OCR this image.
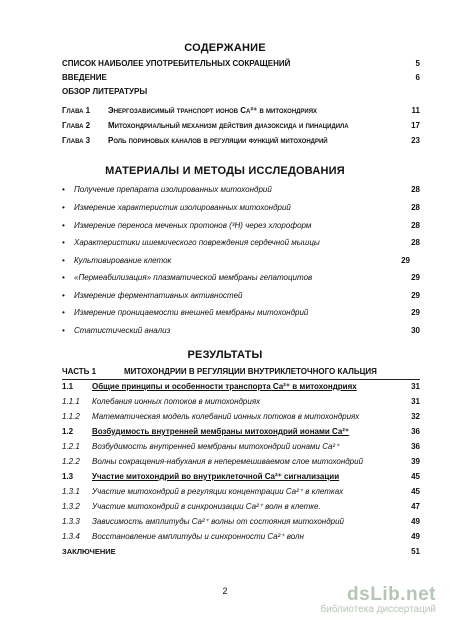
СОДЕРЖАНИЕ
СПИСОК НАИБОЛЕЕ УПОТРЕБИТЕЛЬНЫХ СОКРАЩЕНИЙ	5
ВВЕДЕНИЕ	6
ОБЗОР ЛИТЕРАТУРЫ
Глава 1 Энергозависимый транспорт ионов Ca²⁺ в митохондриях	11
Глава 2 Митохондриальный механизм действия диазоксида и пинацидила	17
Глава 3 Роль пориновых каналов в регуляции функций митохондрий	23
МАТЕРИАЛЫ И МЕТОДЫ ИССЛЕДОВАНИЯ
• Получение препарата изолированных митохондрий	28
• Измерение характеристик изолированных митохондрий	28
• Измерение переноса меченых протонов (³H) через хлороформ	28
• Характеристики ишемического повреждения сердечной мышцы	28
• Культивирование клеток	29
• «Пермеабилизация» плазматической мембраны гепатоцитов	29
• Измерение ферментативных активностей	29
• Измерение проницаемости внешней мембраны митохондрий	29
• Статистический анализ	30
РЕЗУЛЬТАТЫ
ЧАСТЬ 1	МИТОХОНДРИИ В РЕГУЛЯЦИИ ВНУТРИКЛЕТОЧНОГО КАЛЬЦИЯ
1.1 Общие принципы и особенности транспорта Ca²⁺ в митохондриях	31
1.1.1 Колебания ионных потоков в митохондриях	31
1.1.2 Математическая модель колебаний ионных потоков в митохондриях	32
1.2 Возбудимость внутренней мембраны митохондрий ионами Ca²⁺	36
1.2.1 Возбудимость внутренней мембраны митохондрий ионами Ca²⁺	36
1.2.2 Волны сокращения-набухания в неперемешиваемом слое митохондрий	39
1.3 Участие митохондрий во внутриклеточной Ca²⁺ сигнализации	45
1.3.1 Участие митохондрий в регуляции концентрации Ca²⁺ в клетках	45
1.3.2 Участие митохондрий в синхронизации Ca²⁺ волн в клетке.	47
1.3.3 Зависимость амплитуды Ca²⁺ волны от состояния митохондрий	49
1.3.4 Восстановление амплитуды и синхронности Ca²⁺ волн	49
ЗАКЛЮЧЕНИЕ	51
2	dsLib.net
библиотека диссертаций
